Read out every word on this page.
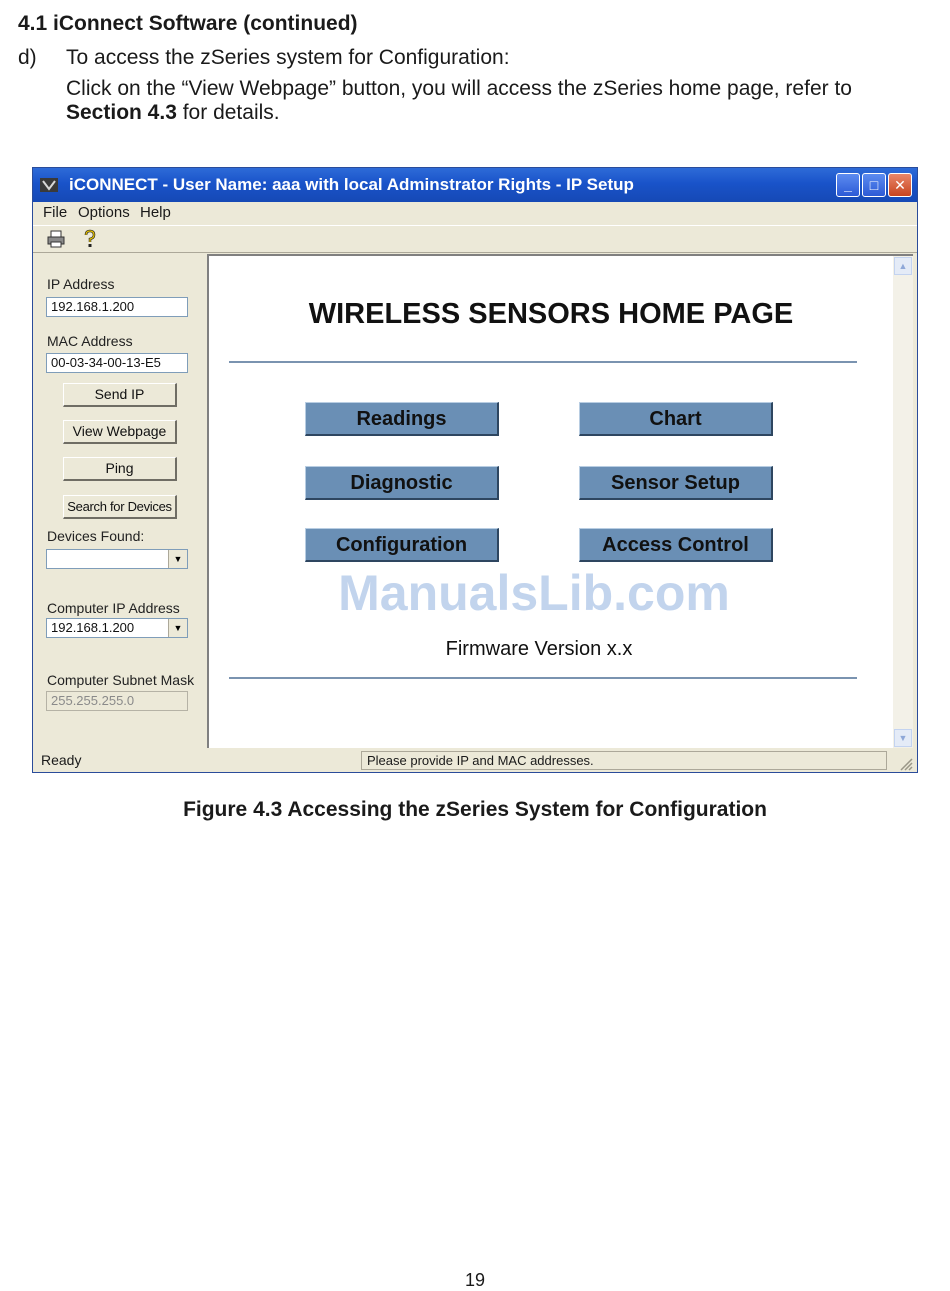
4.1 iConnect Software (continued)
d) To access the zSeries system for Configuration:
Click on the “View Webpage” button, you will access the zSeries home page, refer to Section 4.3 for details.
iCONNECT - User Name: aaa with local Adminstrator Rights - IP Setup	_	□	✕
File Options Help
IP Address
192.168.1.200
MAC Address
00-03-34-00-13-E5
Send IP
View Webpage
Ping
Search for Devices
Devices Found:
▼
Computer IP Address
192.168.1.200	▼
Computer Subnet Mask
255.255.255.0
WIRELESS SENSORS HOME PAGE
Readings	Chart
Diagnostic	Sensor Setup
Configuration	Access Control
ManualsLib.com
Firmware Version x.x
▲
▼
Ready	Please provide IP and MAC addresses.
Figure 4.3 Accessing the zSeries System for Configuration
19
